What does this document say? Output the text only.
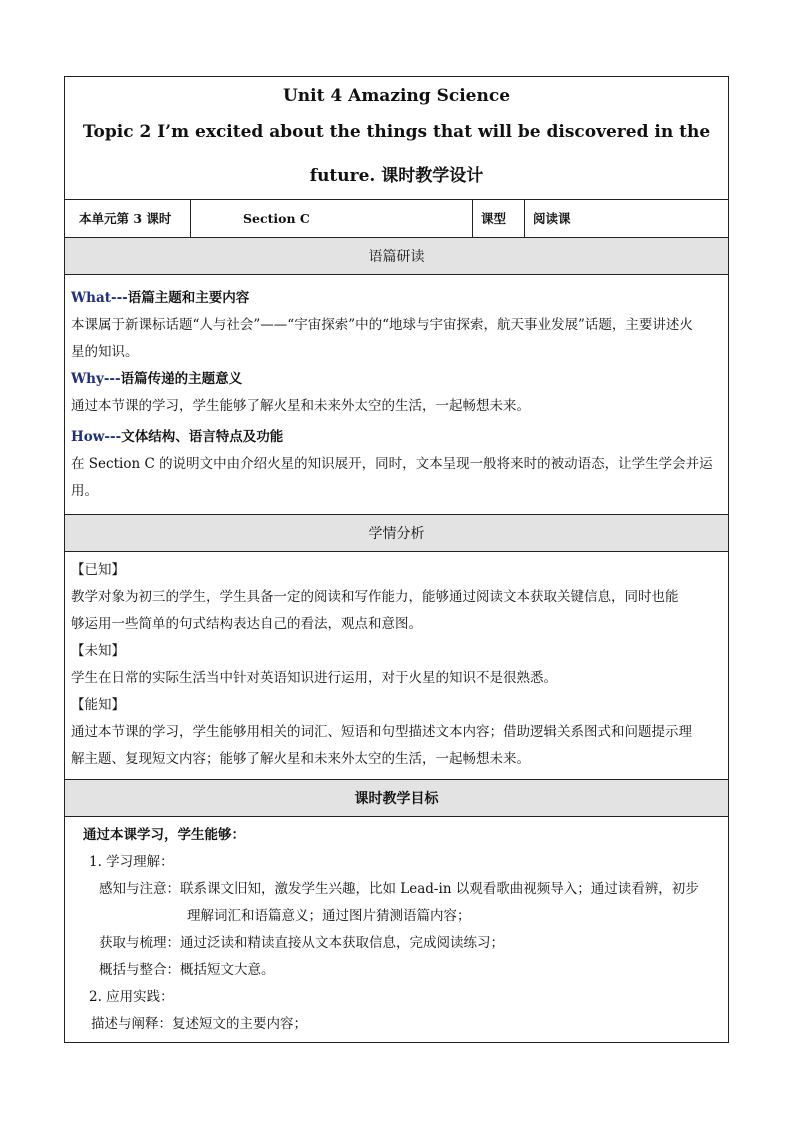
Unit 4 Amazing Science
Topic 2 I’m excited about the things that will be discovered in the
future. 课时教学设计
本单元第 3 课时	Section C	课型	阅读课
语篇研读

What---语篇主题和主要内容

本课属于新课标话题“人与社会”——“宇宙探索”中的“地球与宇宙探索，航天事业发展”话题，主要讲述火

星的知识。

Why---语篇传递的主题意义

通过本节课的学习，学生能够了解火星和未来外太空的生活，一起畅想未来。

How---文体结构、语言特点及功能

在 Section C 的说明文中由介绍火星的知识展开，同时，文本呈现一般将来时的被动语态，让学生学会并运

用。

学情分析

【已知】

教学对象为初三的学生，学生具备一定的阅读和写作能力，能够通过阅读文本获取关键信息，同时也能

够运用一些简单的句式结构表达自己的看法，观点和意图。

【未知】

学生在日常的实际生活当中针对英语知识进行运用，对于火星的知识不是很熟悉。

【能知】

通过本节课的学习，学生能够用相关的词汇、短语和句型描述文本内容；借助逻辑关系图式和问题提示理

解主题、复现短文内容；能够了解火星和未来外太空的生活，一起畅想未来。

课时教学目标

通过本课学习，学生能够：

1. 学习理解：

感知与注意：联系课文旧知，激发学生兴趣，比如 Lead-in 以观看歌曲视频导入；通过读看辨，初步

理解词汇和语篇意义；通过图片猜测语篇内容；

获取与梳理：通过泛读和精读直接从文本获取信息，完成阅读练习；

概括与整合：概括短文大意。

2. 应用实践：

描述与阐释：复述短文的主要内容；
